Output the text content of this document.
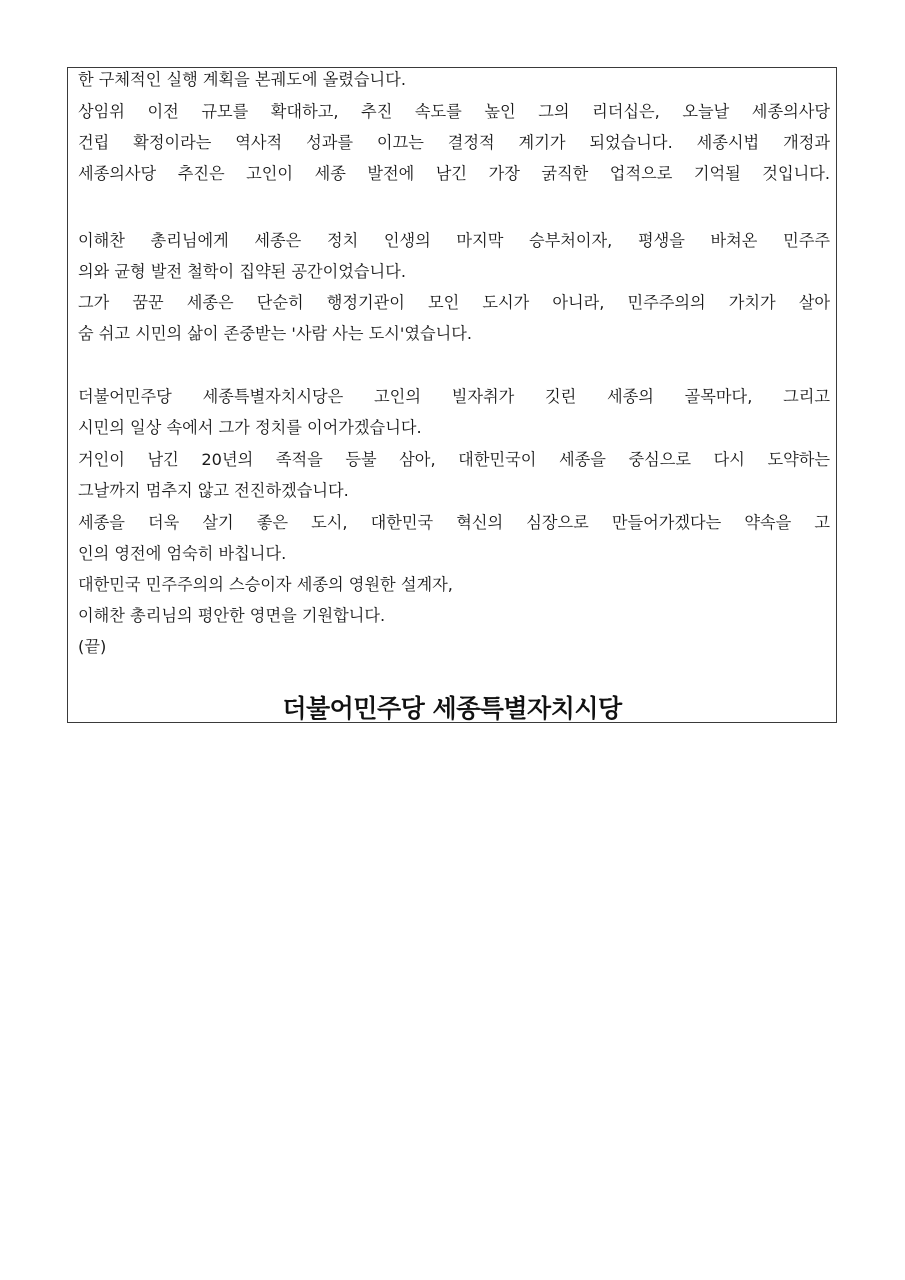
한 구체적인 실행 계획을 본궤도에 올렸습니다.
상임위 이전 규모를 확대하고, 추진 속도를 높인 그의 리더십은, 오늘날 세종의사당
건립 확정이라는 역사적 성과를 이끄는 결정적 계기가 되었습니다. 세종시법 개정과
세종의사당 추진은 고인이 세종 발전에 남긴 가장 굵직한 업적으로 기억될 것입니다.
이해찬 총리님에게 세종은 정치 인생의 마지막 승부처이자, 평생을 바쳐온 민주주
의와 균형 발전 철학이 집약된 공간이었습니다.
그가 꿈꾼 세종은 단순히 행정기관이 모인 도시가 아니라, 민주주의의 가치가 살아
숨 쉬고 시민의 삶이 존중받는 '사람 사는 도시'였습니다.
더불어민주당 세종특별자치시당은 고인의 빌자취가 깃린 세종의 골목마다, 그리고
시민의 일상 속에서 그가 정치를 이어가겠습니다.
거인이 남긴 20년의 족적을 등불 삼아, 대한민국이 세종을 중심으로 다시 도약하는
그날까지 멈추지 않고 전진하겠습니다.
세종을 더욱 살기 좋은 도시, 대한민국 혁신의 심장으로 만들어가겠다는 약속을 고
인의 영전에 엄숙히 바칩니다.
대한민국 민주주의의 스승이자 세종의 영원한 설계자,
이해찬 총리님의 평안한 영면을 기원합니다.
(끝)
더불어민주당 세종특별자치시당
